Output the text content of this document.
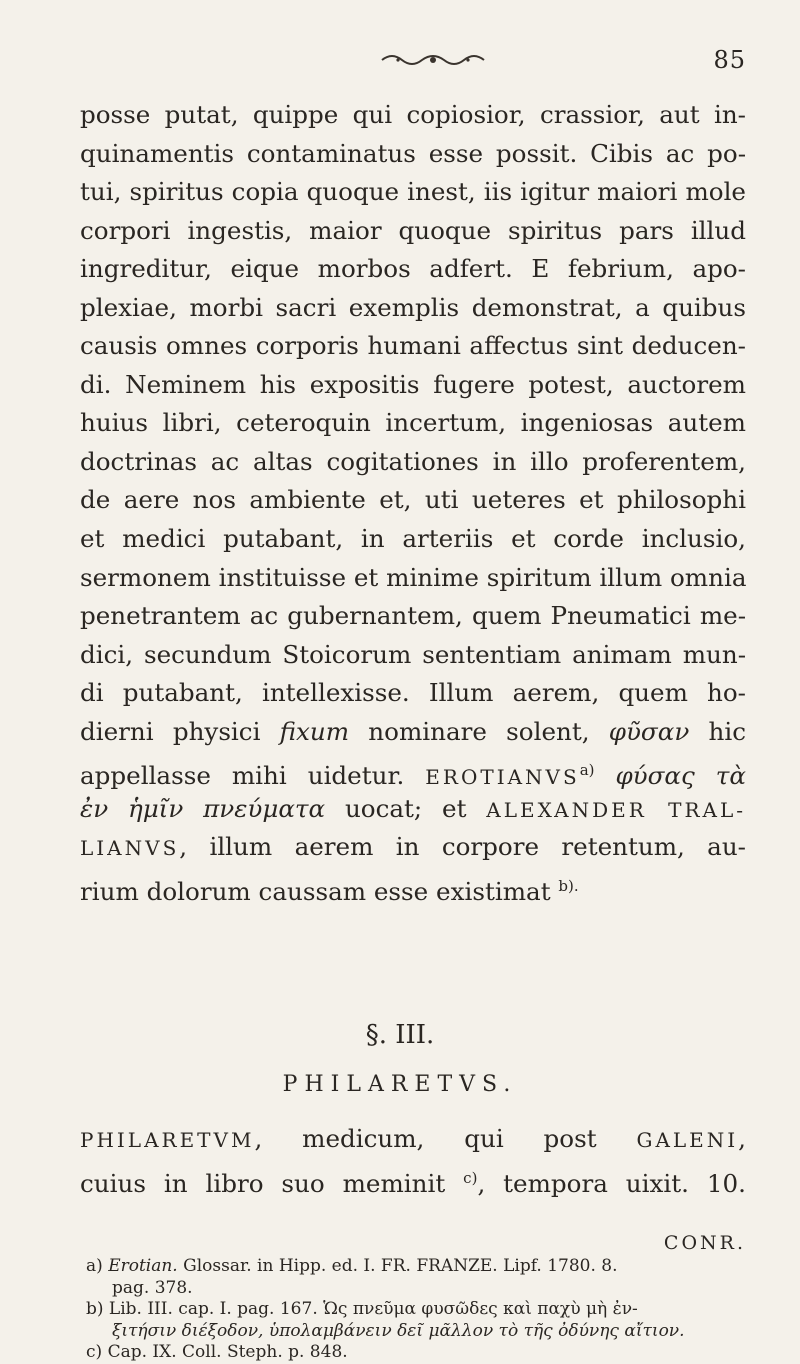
85
posse putat, quippe qui copiosior, crassior, aut in-
quinamentis contaminatus esse possit. Cibis ac po-
tui, spiritus copia quoque inest, iis igitur maiori mole
corpori ingestis, maior quoque spiritus pars illud
ingreditur, eique morbos adfert. E febrium, apo-
plexiae, morbi sacri exemplis demonstrat, a quibus
causis omnes corporis humani affectus sint deducen-
di. Neminem his expositis fugere potest, auctorem
huius libri, ceteroquin incertum, ingeniosas autem
doctrinas ac altas cogitationes in illo proferentem,
de aere nos ambiente et, uti ueteres et philosophi
et medici putabant, in arteriis et corde inclusio,
sermonem instituisse et minime spiritum illum omnia
penetrantem ac gubernantem, quem Pneumatici me-
dici, secundum Stoicorum sententiam animam mun-
di putabant, intellexisse. Illum aerem, quem ho-
dierni physici fixum nominare solent, φῦσαν hic
appellasse mihi uidetur. EROTIANVS$^{a)}$ φύσας τὰ
ἐν ἡμῖν πνεύματα uocat; et ALEXANDER TRAL-
LIANVS, illum aerem in corpore retentum, au-
rium dolorum caussam esse existimat $^{b).}$
§. III.
PHILARETVS.
PHILARETVM, medicum, qui post GALENI,
cuius in libro suo meminit $^{c)}$, tempora uixit. 10.
CONR.
a) Erotian. Glossar. in Hipp. ed. I. FR. FRANZE. Lipf. 1780. 8.
pag. 378.
b) Lib. III. cap. I. pag. 167. Ὡς πνεῦμα φυσῶδες καὶ παχὺ μὴ ἐν-
ξιτήσιν διέξοδον, ὑπολαμβάνειν δεῖ μᾶλλον τὸ τῆς ὀδύνης αἴτιον.
c) Cap. IX. Coll. Steph. p. 848.
